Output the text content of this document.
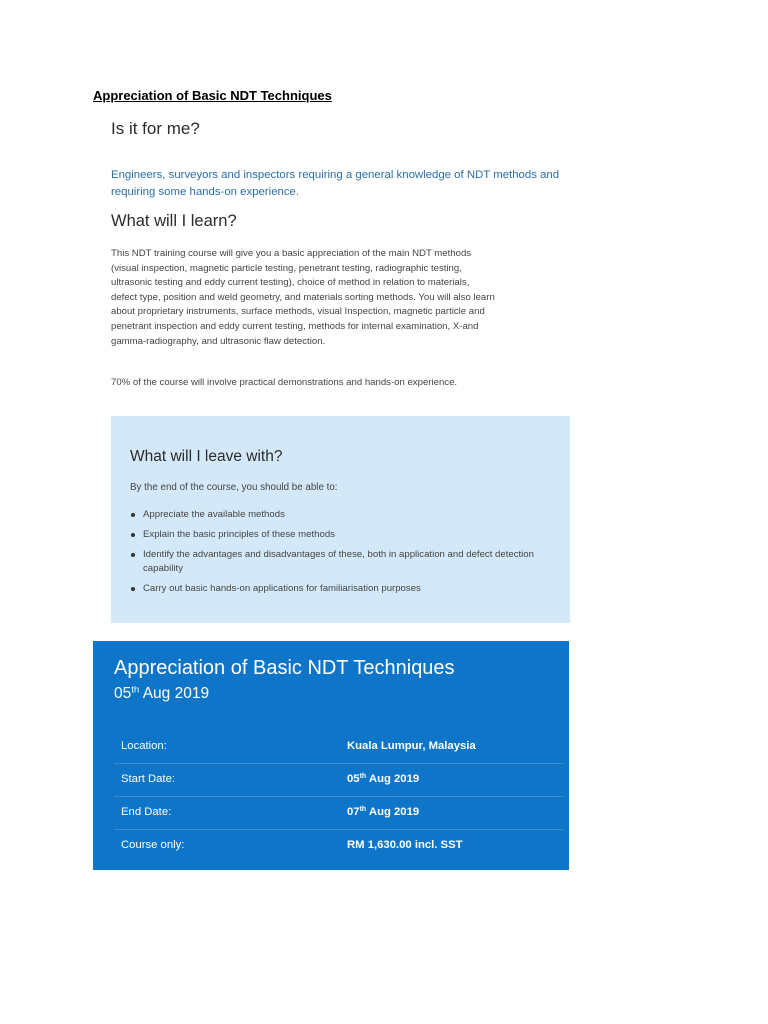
Appreciation of Basic NDT Techniques
Is it for me?

Engineers, surveyors and inspectors requiring a general knowledge of NDT methods and requiring some hands-on experience.

What will I learn?

This NDT training course will give you a basic appreciation of the main NDT methods (visual inspection, magnetic particle testing, penetrant testing, radiographic testing, ultrasonic testing and eddy current testing), choice of method in relation to materials, defect type, position and weld geometry, and materials sorting methods. You will also learn about proprietary instruments, surface methods, visual Inspection, magnetic particle and penetrant inspection and eddy current testing, methods for internal examination, X-and gamma-radiography, and ultrasonic flaw detection.

70% of the course will involve practical demonstrations and hands-on experience.

What will I leave with?

By the end of the course, you should be able to:

Appreciate the available methods
Explain the basic principles of these methods
Identify the advantages and disadvantages of these, both in application and defect detection capability
Carry out basic hands-on applications for familiarisation purposes
Appreciation of Basic NDT Techniques
05th Aug 2019
Location:	Kuala Lumpur, Malaysia
Start Date:	05th Aug 2019
End Date:	07th Aug 2019
Course only:	RM 1,630.00 incl. SST
